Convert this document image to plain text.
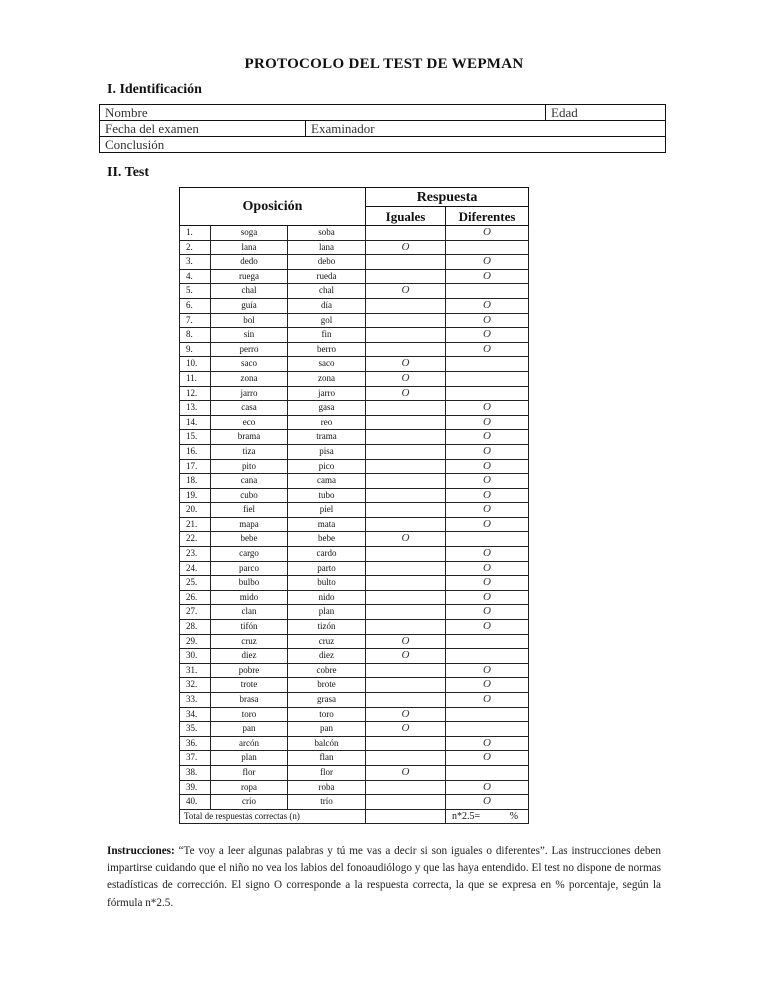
PROTOCOLO DEL TEST DE WEPMAN
I. Identificación
Nombre		Edad
Fecha del examen	Examinador	
Conclusión		
II. Test
Oposición			Respuesta	
			Iguales	Diferentes
1.	soga	soba		O
2.	lana	lana	O	
3.	dedo	debo		O
4.	ruega	rueda		O
5.	chal	chal	O	
6.	guía	día		O
7.	bol	gol		O
8.	sin	fin		O
9.	perro	berro		O
10.	saco	saco	O	
11.	zona	zona	O	
12.	jarro	jarro	O	
13.	casa	gasa		O
14.	eco	reo		O
15.	brama	trama		O
16.	tiza	pisa		O
17.	pito	pico		O
18.	cana	cama		O
19.	cubo	tubo		O
20.	fiel	piel		O
21.	mapa	mata		O
22.	bebe	bebe	O	
23.	cargo	cardo		O
24.	parco	parto		O
25.	bulbo	bulto		O
26.	mido	nido		O
27.	clan	plan		O
28.	tifón	tizón		O
29.	cruz	cruz	O	
30.	diez	diez	O	
31.	pobre	cobre		O
32.	trote	brote		O
33.	brasa	grasa		O
34.	toro	toro	O	
35.	pan	pan	O	
36.	arcón	balcón		O
37.	plan	flan		O
38.	flor	flor	O	
39.	ropa	roba		O
40.	crío	trío		O
Total de respuestas correctas (n)				n*2.5= %
Instrucciones: “Te voy a leer algunas palabras y tú me vas a decir si son iguales o diferentes”. Las instrucciones deben impartirse cuidando que el niño no vea los labios del fonoaudiólogo y que las haya entendido. El test no dispone de normas estadísticas de corrección. El signo O corresponde a la respuesta correcta, la que se expresa en % porcentaje, según la fórmula n*2.5.
